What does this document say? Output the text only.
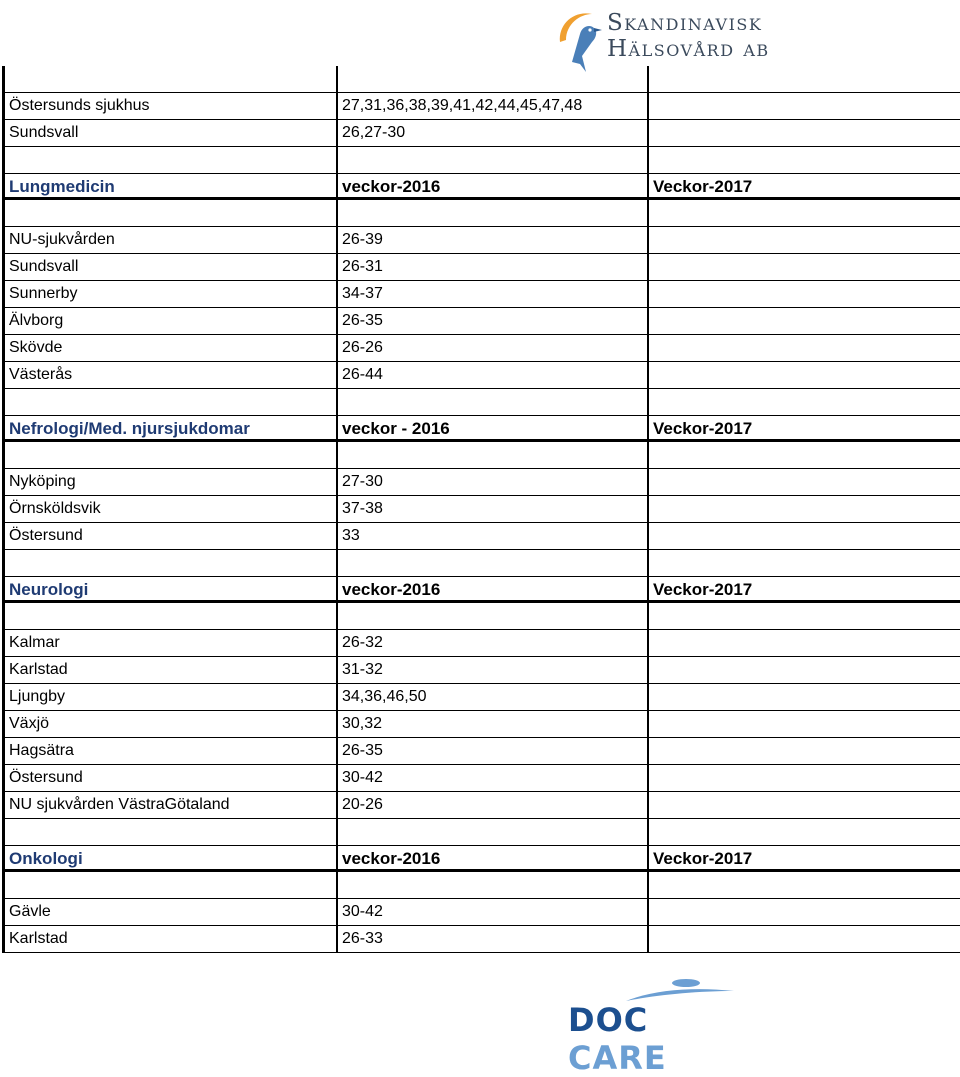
Skandinavisk
Hälsovård ab
Östersunds sjukhus	27,31,36,38,39,41,42,44,45,47,48
Sundsvall	26,27-30
Lungmedicin	veckor-2016	Veckor-2017
NU-sjukvården	26-39
Sundsvall	26-31
Sunnerby	34-37
Älvborg	26-35
Skövde	26-26
Västerås	26-44
Nefrologi/Med. njursjukdomar	veckor - 2016	Veckor-2017
Nyköping	27-30
Örnsköldsvik	37-38
Östersund	33
Neurologi	veckor-2016	Veckor-2017
Kalmar	26-32
Karlstad	31-32
Ljungby	34,36,46,50
Växjö	30,32
Hagsätra	26-35
Östersund	30-42
NU sjukvården VästraGötaland	20-26
Onkologi	veckor-2016	Veckor-2017
Gävle	30-42
Karlstad	26-33
DOC CARE
